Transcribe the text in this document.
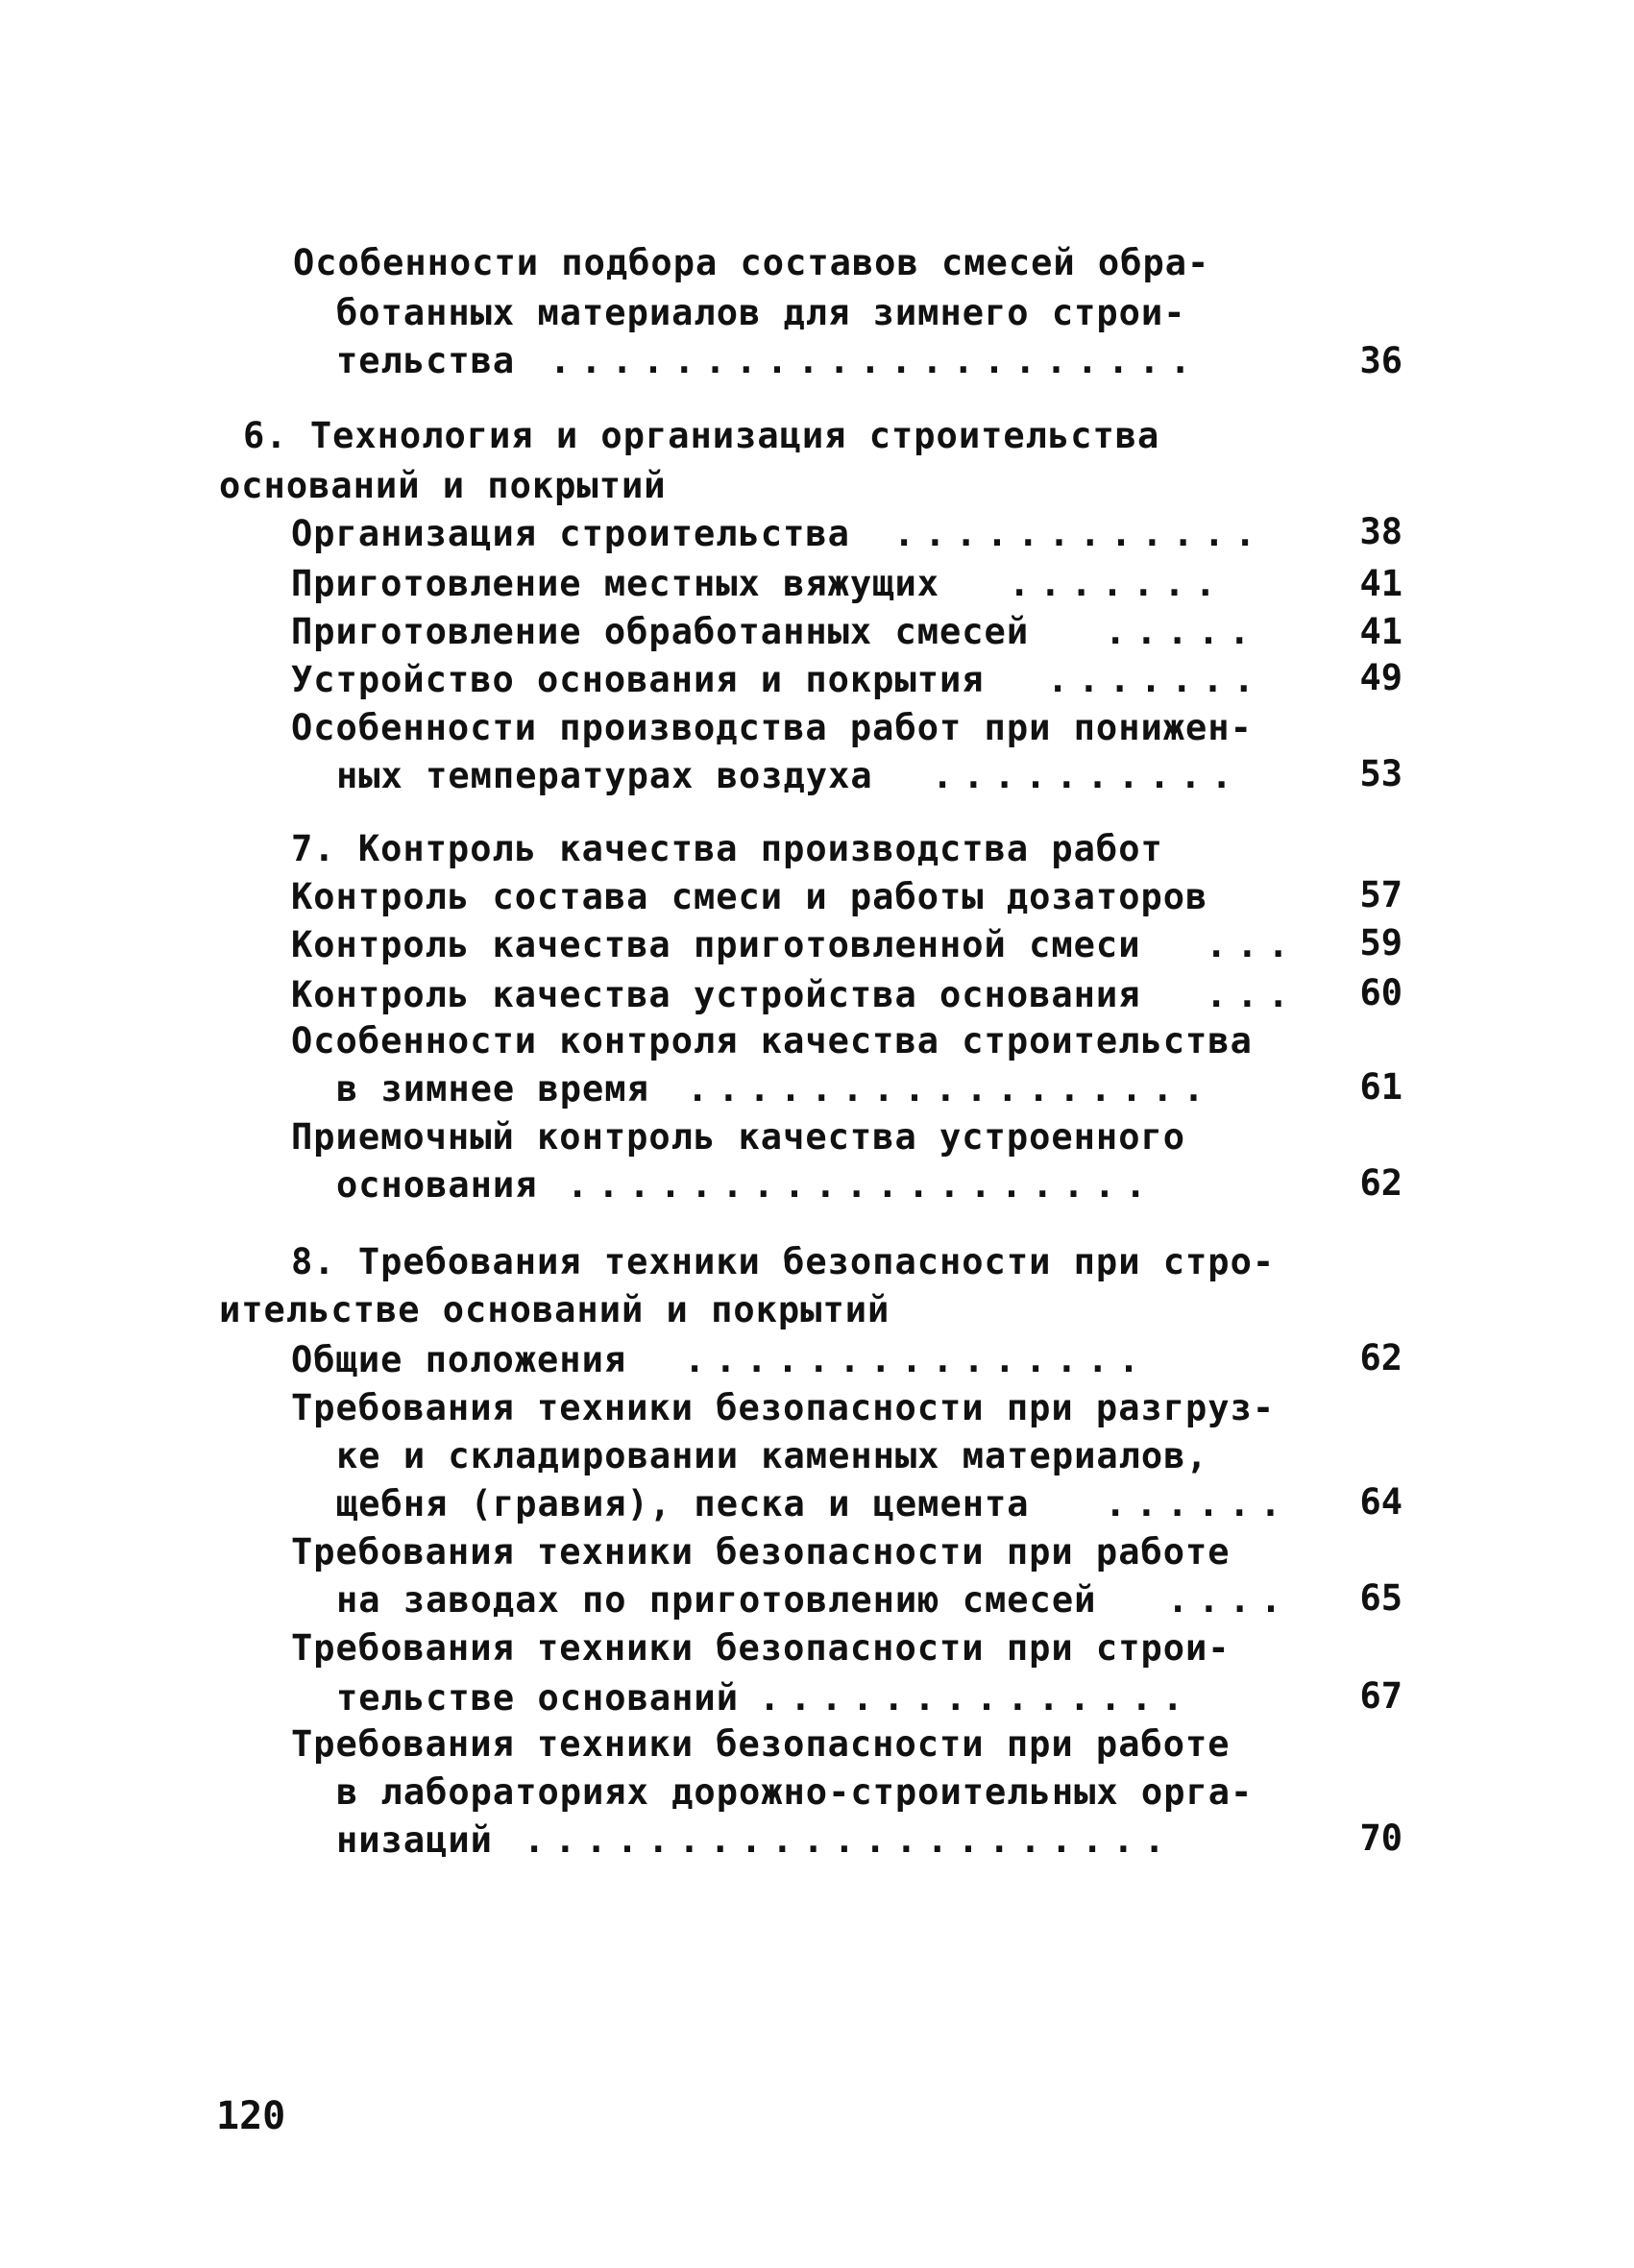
Особенности подбора составов смесей обра-
ботанных материалов для зимнего строи-
тельства .....................	36
6. Технология и организация строительства
оснований и покрытий
Организация строительства ............	38
Приготовление местных вяжущих .......	41
Приготовление обработанных смесей .....	41
Устройство основания и покрытия .......	49
Особенности производства работ при понижен-
ных температурах воздуха ..........	53
7. Контроль качества производства работ
Контроль состава смеси и работы дозаторов	57
Контроль качества приготовленной смеси ...	59
Контроль качества устройства основания ...	60
Особенности контроля качества строительства
в зимнее время .................	61
Приемочный контроль качества устроенного
основания ...................	62
8. Требования техники безопасности при стро-
ительстве оснований и покрытий
Общие положения ...............	62
Требования техники безопасности при разгруз-
ке и складировании каменных материалов,
щебня (гравия), песка и цемента ......	64
Требования техники безопасности при работе
на заводах по приготовлению смесей ....	65
Требования техники безопасности при строи-
тельстве оснований ..............	67
Требования техники безопасности при работе
в лабораториях дорожно-строительных орга-
низаций .....................	70
120
